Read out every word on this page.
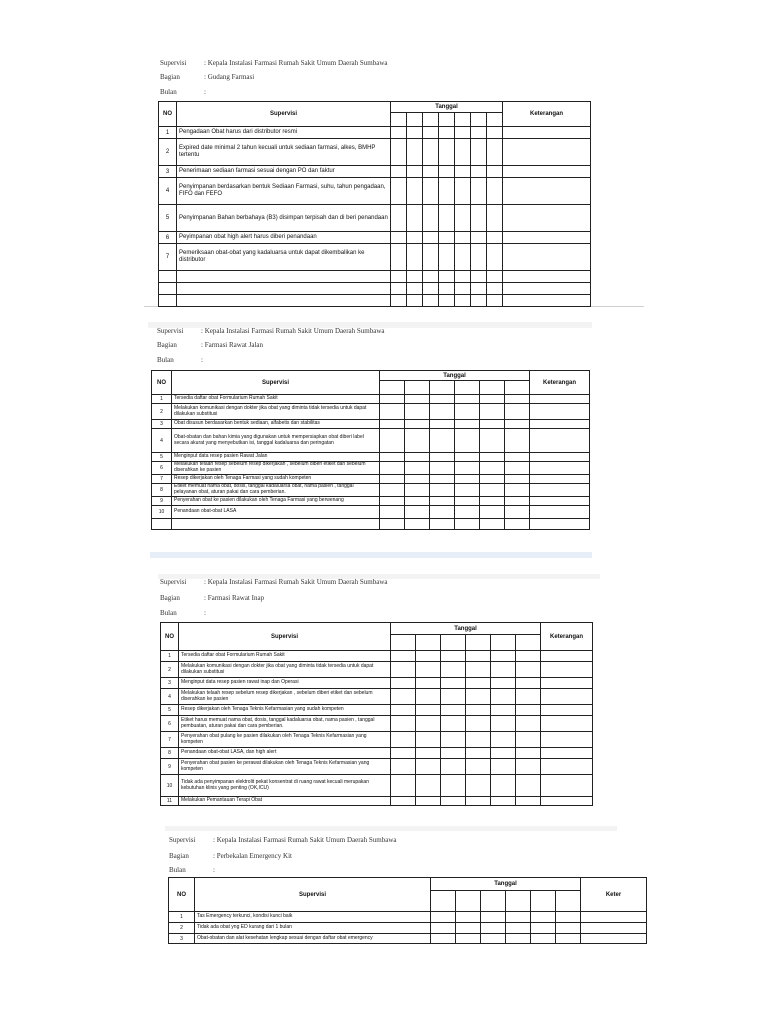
Supervisi	: Kepala Instalasi Farmasi Rumah Sakit Umum Daerah Sumbawa
Bagian	: Gudang Farmasi
Bulan	:
NO	Supervisi	Tanggal							Keterangan

1	Pengadaan Obat harus dari distributor resmi								
2	Expired date minimal 2 tahun kecuali untuk sediaan farmasi, alkes, BMHP tertentu								
3	Penerimaan sediaan farmasi sesuai dengan PO dan faktur								
4	Penyimpanan berdasarkan bentuk Sediaan Farmasi, suhu, tahun pengadaan, FIFO dan FEFO								
5	Penyimpanan Bahan berbahaya (B3) disimpan terpisah dan di beri penandaan								
6	Peyimpanan obat high alert harus diberi penandaan								
7	Pemeriksaan obat-obat yang kadaluarsa untuk dapat dikembalikan ke distributor								

Supervisi	: Kepala Instalasi Farmasi Rumah Sakit Umum Daerah Sumbawa
Bagian	: Farmasi Rawat Jalan
Bulan	:
NO	Supervisi	Tanggal						Keterangan

1	Tersedia daftar obat Formularium Rumah Sakit							
2	Melakukan komunikasi dengan dokter jika obat yang diminta tidak tersedia untuk dapat dilakukan substitusi							
3	Obat disusun berdasarkan bentuk sediaan, alfabetis dan stabilitas							
4	Obat-obatan dan bahan kimia yang digunakan untuk mempersiapkan obat diberi label secara akurat yang menyebutkan isi, tanggal kadaluarsa dan peringatan							
5	Menginput data resep pasien Rawat Jalan							
6	Melakukan telaah resep sebelum resep dikerjakan , sebelum diberi etiket dan sebelum diserahkan ke pasien							
7	Resep dikerjakan oleh Tenaga Farmasi yang sudah kompeten							
8	Etiket memuat nama obat, dosis, tanggal kadaluarsa obat, nama pasien , tanggal pelayanan obat, aturan pakai dan cara pemberian.							
9	Penyerahan obat ke pasien dilakukan oleh Tenaga Farmasi yang berwenang							
10	Penandaan obat-obat LASA							

Supervisi	: Kepala Instalasi Farmasi Rumah Sakit Umum Daerah Sumbawa
Bagian	: Farmasi Rawat Inap
Bulan	:
NO	Supervisi	Tanggal						Keterangan

1	Tersedia daftar obat Formularium Rumah Sakit							
2	Melakukan komunikasi dengan dokter jika obat yang diminta tidak tersedia untuk dapat dilakukan substitusi							
3	Menginput data resep pasien rawat inap dan Operasi							
4	Melakukan telaah resep sebelum resep dikerjakan , sebelum diberi etiket dan sebelum diserahkan ke pasien							
5	Resep dikerjakan oleh Tenaga Teknis Kefarmasian yang sudah kompeten							
6	Etiket harus memuat nama obat, dosis, tanggal kadaluarsa obat, nama pasien , tanggal pembuatan, aturan pakai dan cara pemberian.							
7	Penyerahan obat pulang ke pasien dilakukan oleh Tenaga Teknis Kefarmasian yang kompeten							
8	Penandaan obat-obat LASA, dan high alert							
9	Penyerahan obat pasien ke perawat dilakukan oleh Tenaga Teknis Kefarmasian yang kompeten							
10	Tidak ada penyimpanan elektrolit pekat konsentrat di ruang rawat kecuali merupakan kebutuhan klinis yang penting (OK,ICU)							
11	Melakukan Pemantauan Terapi Obat							
Supervisi	: Kepala Instalasi Farmasi Rumah Sakit Umum Daerah Sumbawa
Bagian	: Perbekalan Emergency Kit
Bulan	:
NO	Supervisi	Tanggal						Keter

1	Tas Emergency terkunci, kondisi kunci baik							
2	Tidak ada obat yng ED kurang dari 1 bulan							
3	Obat-obatan dan alat kesehatan lengkap sesuai dengan daftar obat emergency							
